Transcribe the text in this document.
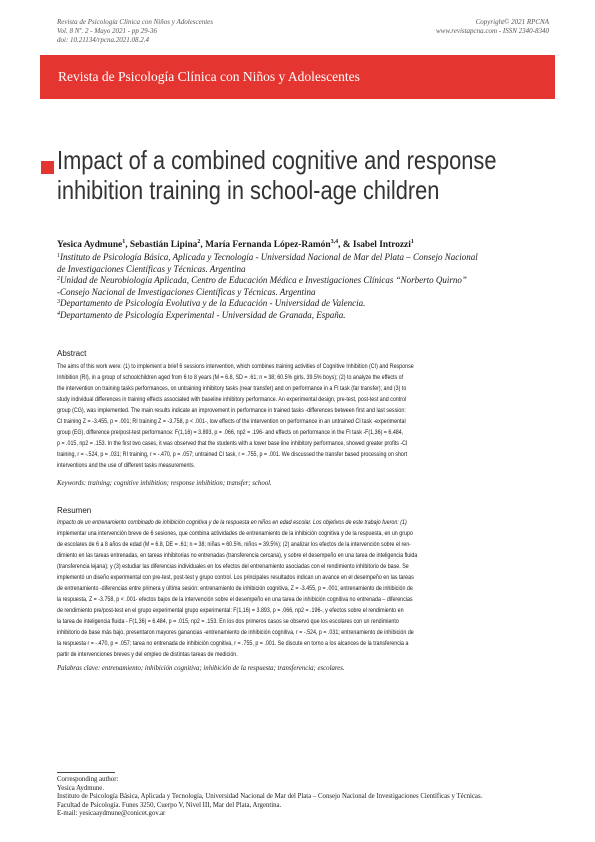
Revista de Psicología Clínica con Niños y Adolescentes
Vol. 8 Nº. 2 - Mayo 2021 - pp 29-36
doi: 10.21134/rpcna.2021.08.2.4
Copyright© 2021 RPCNA
www.revistapcna.com - ISSN 2340-8340
Revista de Psicología Clínica con Niños y Adolescentes
Impact of a combined cognitive and response
inhibition training in school-age children
Yesica Aydmune$^1$, Sebastián Lipina$^2$, María Fernanda López-Ramón$^{3,4}$, & Isabel Introzzi$^1$
$^1$Instituto de Psicología Básica, Aplicada y Tecnología - Universidad Nacional de Mar del Plata – Consejo Nacional
de Investigaciones Científicas y Técnicas. Argentina
$^2$Unidad de Neurobiología Aplicada, Centro de Educación Médica e Investigaciones Clínicas “Norberto Quirno”
-Consejo Nacional de Investigaciones Científicas y Técnicas. Argentina
$^3$Departamento de Psicología Evolutiva y de la Educación - Universidad de Valencia.
$^4$Departamento de Psicología Experimental - Universidad de Granada, España.
Abstract
The aims of this work were: (1) to implement a brief 6 sessions intervention, which combines training activities of Cognitive Inhibition (CI) and Response
Inhibition (RI), in a group of schoolchildren aged from 6 to 8 years (M = 6.8, SD = .61; n = 38; 60.5% girls, 39.5% boys); (2) to analyze the effects of
the intervention on training tasks performances, on untraining inhibitory tasks (near transfer) and on performance in a FI task (far transfer); and (3) to
study individual differences in training effects associated with baseline inhibitory performance. An experimental design, pre-test, post-test and control
group (CG), was implemented. The main results indicate an improvement in performance in trained tasks -differences between first and last session:
CI training Z = -3.455, p = .001; RI training Z = -3.758, p < .001-, low effects of the intervention on performance in an untrained CI task -experimental
group (EG), difference pre/post-test performance: F(1,16) = 3.893, p = .066, np2 = .196- and effects on performance in the FI task -F(1,36) = 6.484,
p = .015, np2 = .153. In the first two cases, it was observed that the students with a lower base line inhibitory performance, showed greater profits -CI
training, r = -.524, p = .031; RI training, r = -.470, p = .057; untrained CI task, r = .755, p = .001. We discussed the transfer based processing on short
interventions and the use of different tasks measurements.
Keywords: training; cognitive inhibition; response inhibition; transfer; school.
Resumen
Impacto de un entrenamiento combinado de inhibición cognitiva y de la respuesta en niños en edad escolar. Los objetivos de este trabajo fueron: (1)
implementar una intervención breve de 6 sesiones, que combina actividades de entrenamiento de la inhibición cognitiva y de la respuesta, en un grupo
de escolares de 6 a 8 años de edad (M = 6.8, DE = .61; n = 38; niñas = 60.5%, niños = 39.5%); (2) analizar los efectos de la intervención sobre el ren-
dimiento en las tareas entrenadas, en tareas inhibitorias no entrenadas (transferencia cercana), y sobre el desempeño en una tarea de inteligencia fluida
(transferencia lejana); y (3) estudiar las diferencias individuales en los efectos del entrenamiento asociadas con el rendimiento inhibitorio de base. Se
implementó un diseño experimental con pre-test, post-test y grupo control. Los principales resultados indican un avance en el desempeño en las tareas
de entrenamiento -diferencias entre primera y última sesión: entrenamiento de inhibición cognitiva, Z = -3.455, p = .001; entrenamiento de inhibición de
la respuesta, Z = -3.758, p < .001- efectos bajos de la intervención sobre el desempeño en una tarea de inhibición cognitiva no entrenada – diferencias
de rendimiento pre/post-test en el grupo experimental grupo experimental: F(1,16) = 3.893, p = .066, np2 = .196-, y efectos sobre el rendimiento en
la tarea de inteligencia fluida - F(1,36) = 6.484, p = .015, np2 = .153. En los dos primeros casos se observó que los escolares con un rendimiento
inhibitorio de base más bajo, presentaron mayores ganancias -entrenamiento de inhibición cognitiva, r = -.524, p = .031; entrenamiento de inhibición de
la respuesta r = -.470, p = .057; tarea no entrenada de inhibición cognitiva, r = .755, p = .001. Se discute en torno a los alcances de la transferencia a
partir de intervenciones breves y del empleo de distintas tareas de medición.
Palabras clave: entrenamiento; inhibición cognitiva; inhibición de la respuesta; transferencia; escolares.
Corresponding author:
Yesica Aydmune.
Instituto de Psicología Básica, Aplicada y Tecnología, Universidad Nacional de Mar del Plata – Consejo Nacional de Investigaciones Científicas y Técnicas.
Facultad de Psicología. Funes 3250, Cuerpo V, Nivel III, Mar del Plata, Argentina.
E-mail: yesicaaydmune@conicet.gov.ar
